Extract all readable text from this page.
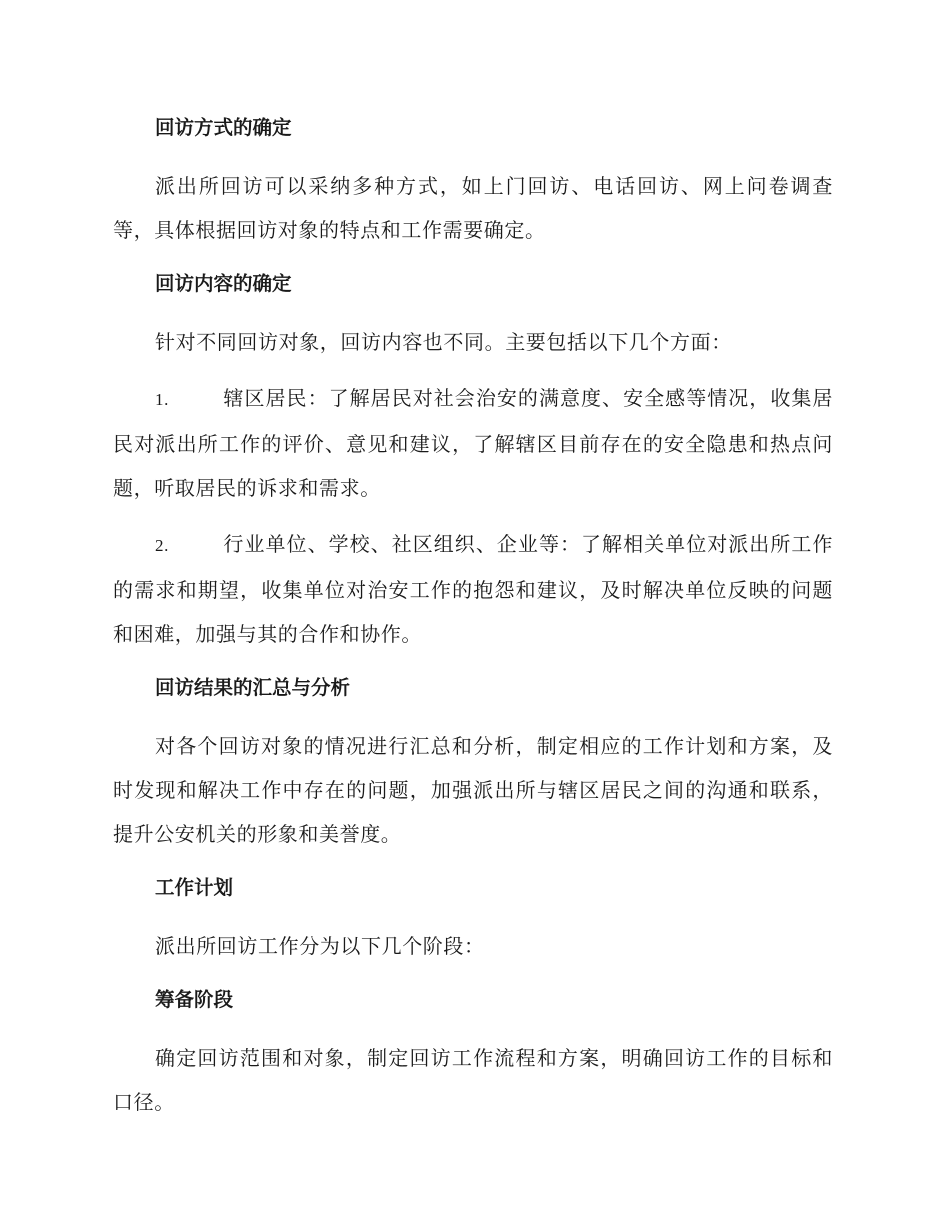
回访方式的确定

派出所回访可以采纳多种方式，如上门回访、电话回访、网上问卷调查等，具体根据回访对象的特点和工作需要确定。

回访内容的确定

针对不同回访对象，回访内容也不同。主要包括以下几个方面：

1.	辖区居民：了解居民对社会治安的满意度、安全感等情况，收集居民对派出所工作的评价、意见和建议，了解辖区目前存在的安全隐患和热点问题，听取居民的诉求和需求。

2.	行业单位、学校、社区组织、企业等：了解相关单位对派出所工作的需求和期望，收集单位对治安工作的抱怨和建议，及时解决单位反映的问题和困难，加强与其的合作和协作。

回访结果的汇总与分析

对各个回访对象的情况进行汇总和分析，制定相应的工作计划和方案，及时发现和解决工作中存在的问题，加强派出所与辖区居民之间的沟通和联系，提升公安机关的形象和美誉度。

工作计划

派出所回访工作分为以下几个阶段：

筹备阶段

确定回访范围和对象，制定回访工作流程和方案，明确回访工作的目标和口径。
